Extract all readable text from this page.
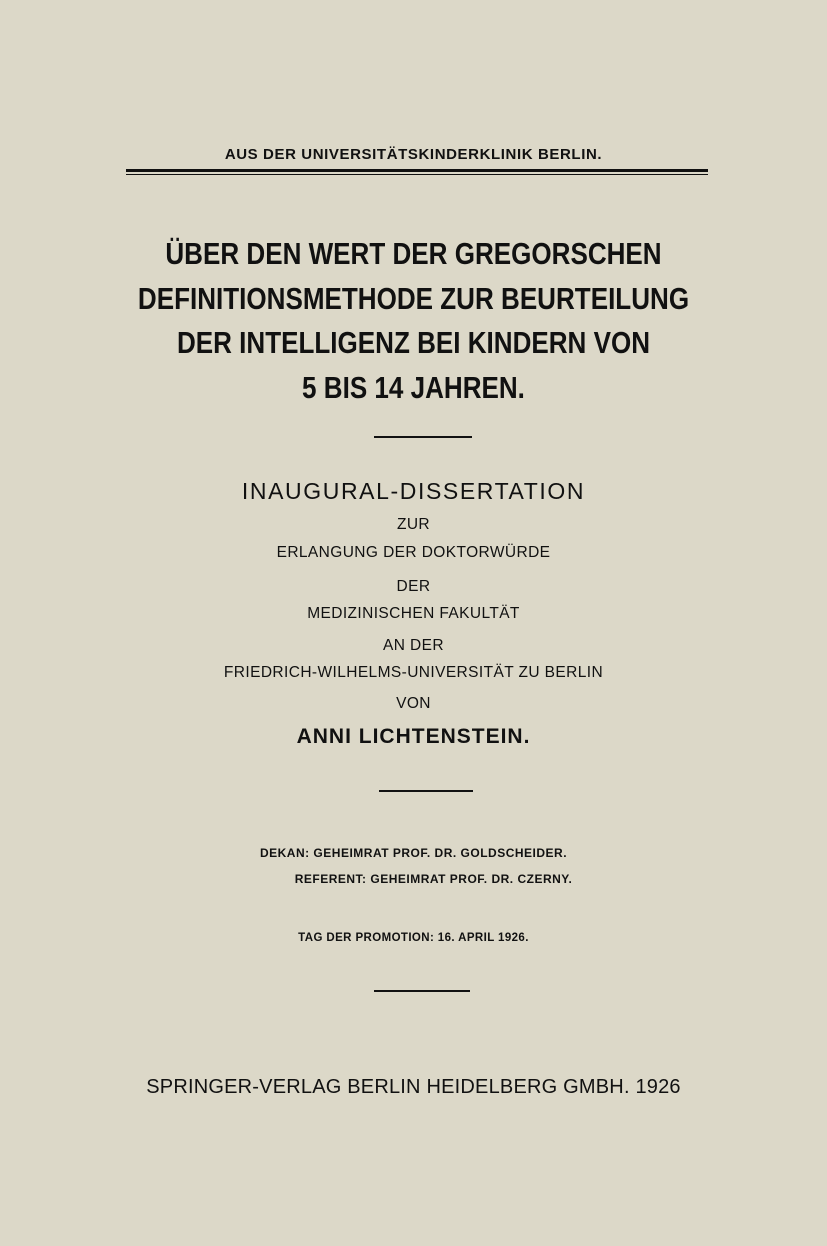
AUS DER UNIVERSITÄTSKINDERKLINIK BERLIN.
ÜBER DEN WERT DER GREGORSCHEN
DEFINITIONSMETHODE ZUR BEURTEILUNG
DER INTELLIGENZ BEI KINDERN VON
5 BIS 14 JAHREN.
INAUGURAL-DISSERTATION
ZUR
ERLANGUNG DER DOKTORWÜRDE
DER
MEDIZINISCHEN FAKULTÄT
AN DER
FRIEDRICH-WILHELMS-UNIVERSITÄT ZU BERLIN
VON
ANNI LICHTENSTEIN.
DEKAN: GEHEIMRAT PROF. DR. GOLDSCHEIDER.
REFERENT: GEHEIMRAT PROF. DR. CZERNY.
TAG DER PROMOTION: 16. APRIL 1926.
SPRINGER-VERLAG BERLIN HEIDELBERG GMBH. 1926
